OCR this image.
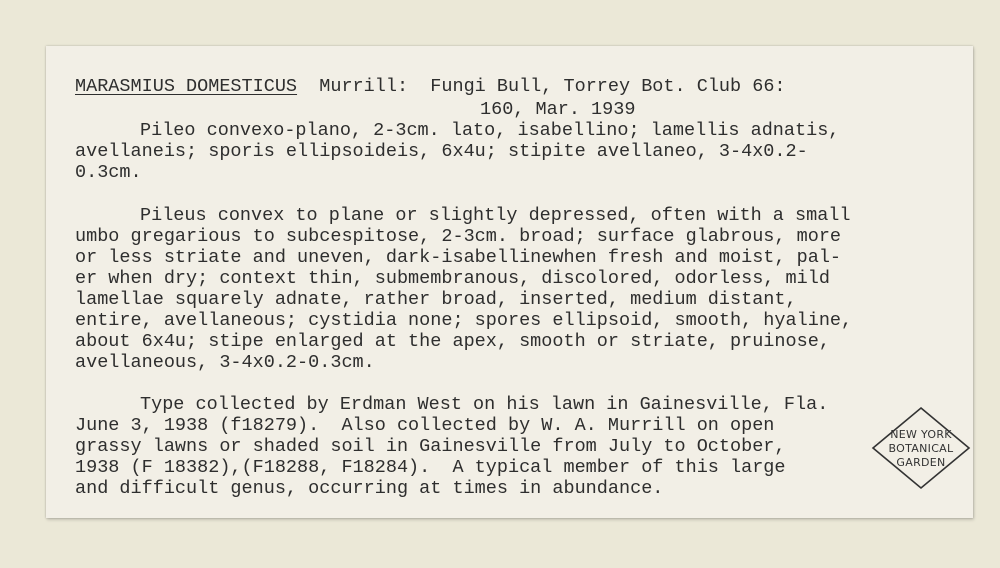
MARASMIUS DOMESTICUS  Murrill:  Fungi Bull, Torrey Bot. Club 66:
160, Mar. 1939
Pileo convexo-plano, 2-3cm. lato, isabellino; lamellis adnatis,
avellaneis; sporis ellipsoideis, 6x4u; stipite avellaneo, 3-4x0.2-
0.3cm.
Pileus convex to plane or slightly depressed, often with a small
umbo gregarious to subcespitose, 2-3cm. broad; surface glabrous, more
or less striate and uneven, dark-isabellinewhen fresh and moist, pal-
er when dry; context thin, submembranous, discolored, odorless, mild
lamellae squarely adnate, rather broad, inserted, medium distant,
entire, avellaneous; cystidia none; spores ellipsoid, smooth, hyaline,
about 6x4u; stipe enlarged at the apex, smooth or striate, pruinose,
avellaneous, 3-4x0.2-0.3cm.
Type collected by Erdman West on his lawn in Gainesville, Fla.
June 3, 1938 (f18279).  Also collected by W. A. Murrill on open
grassy lawns or shaded soil in Gainesville from July to October,
1938 (F 18382),(F18288, F18284).  A typical member of this large
and difficult genus, occurring at times in abundance.
NEW YORK
BOTANICAL
GARDEN
